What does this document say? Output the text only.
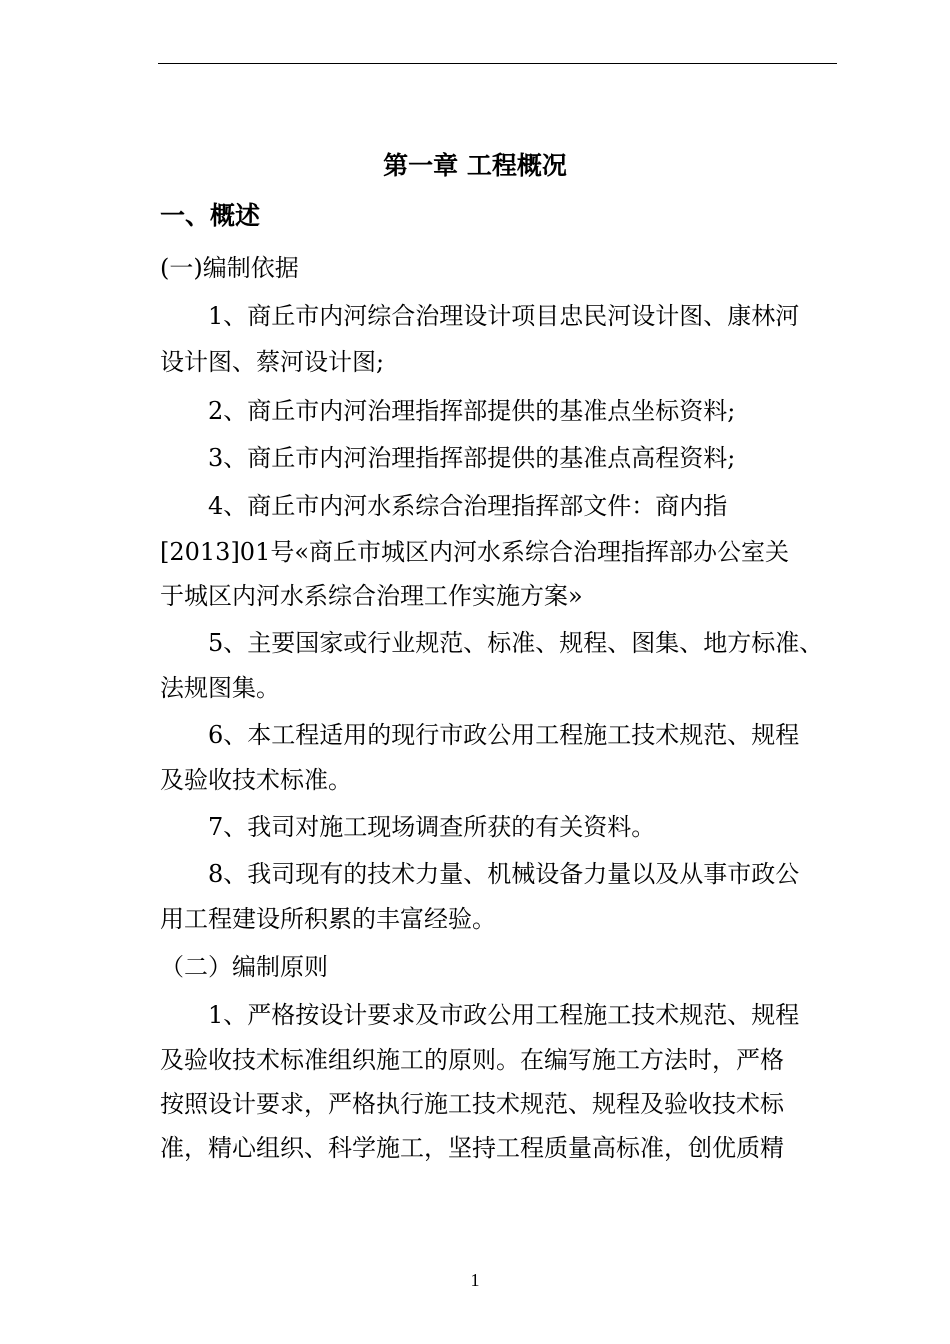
第一章 工程概况
一、概述
(一)编制依据
1、商丘市内河综合治理设计项目忠民河设计图、康林河
设计图、蔡河设计图;
2、商丘市内河治理指挥部提供的基准点坐标资料;
3、商丘市内河治理指挥部提供的基准点高程资料;
4、商丘市内河水系综合治理指挥部文件：商内指
[2013]01号«商丘市城区内河水系综合治理指挥部办公室关
于城区内河水系综合治理工作实施方案»
5、主要国家或行业规范、标准、规程、图集、地方标准、
法规图集。
6、本工程适用的现行市政公用工程施工技术规范、规程
及验收技术标准。
7、我司对施工现场调查所获的有关资料。
8、我司现有的技术力量、机械设备力量以及从事市政公
用工程建设所积累的丰富经验。
（二）编制原则
1、严格按设计要求及市政公用工程施工技术规范、规程
及验收技术标准组织施工的原则。在编写施工方法时，严格
按照设计要求，严格执行施工技术规范、规程及验收技术标
准，精心组织、科学施工，坚持工程质量高标准，创优质精
1
